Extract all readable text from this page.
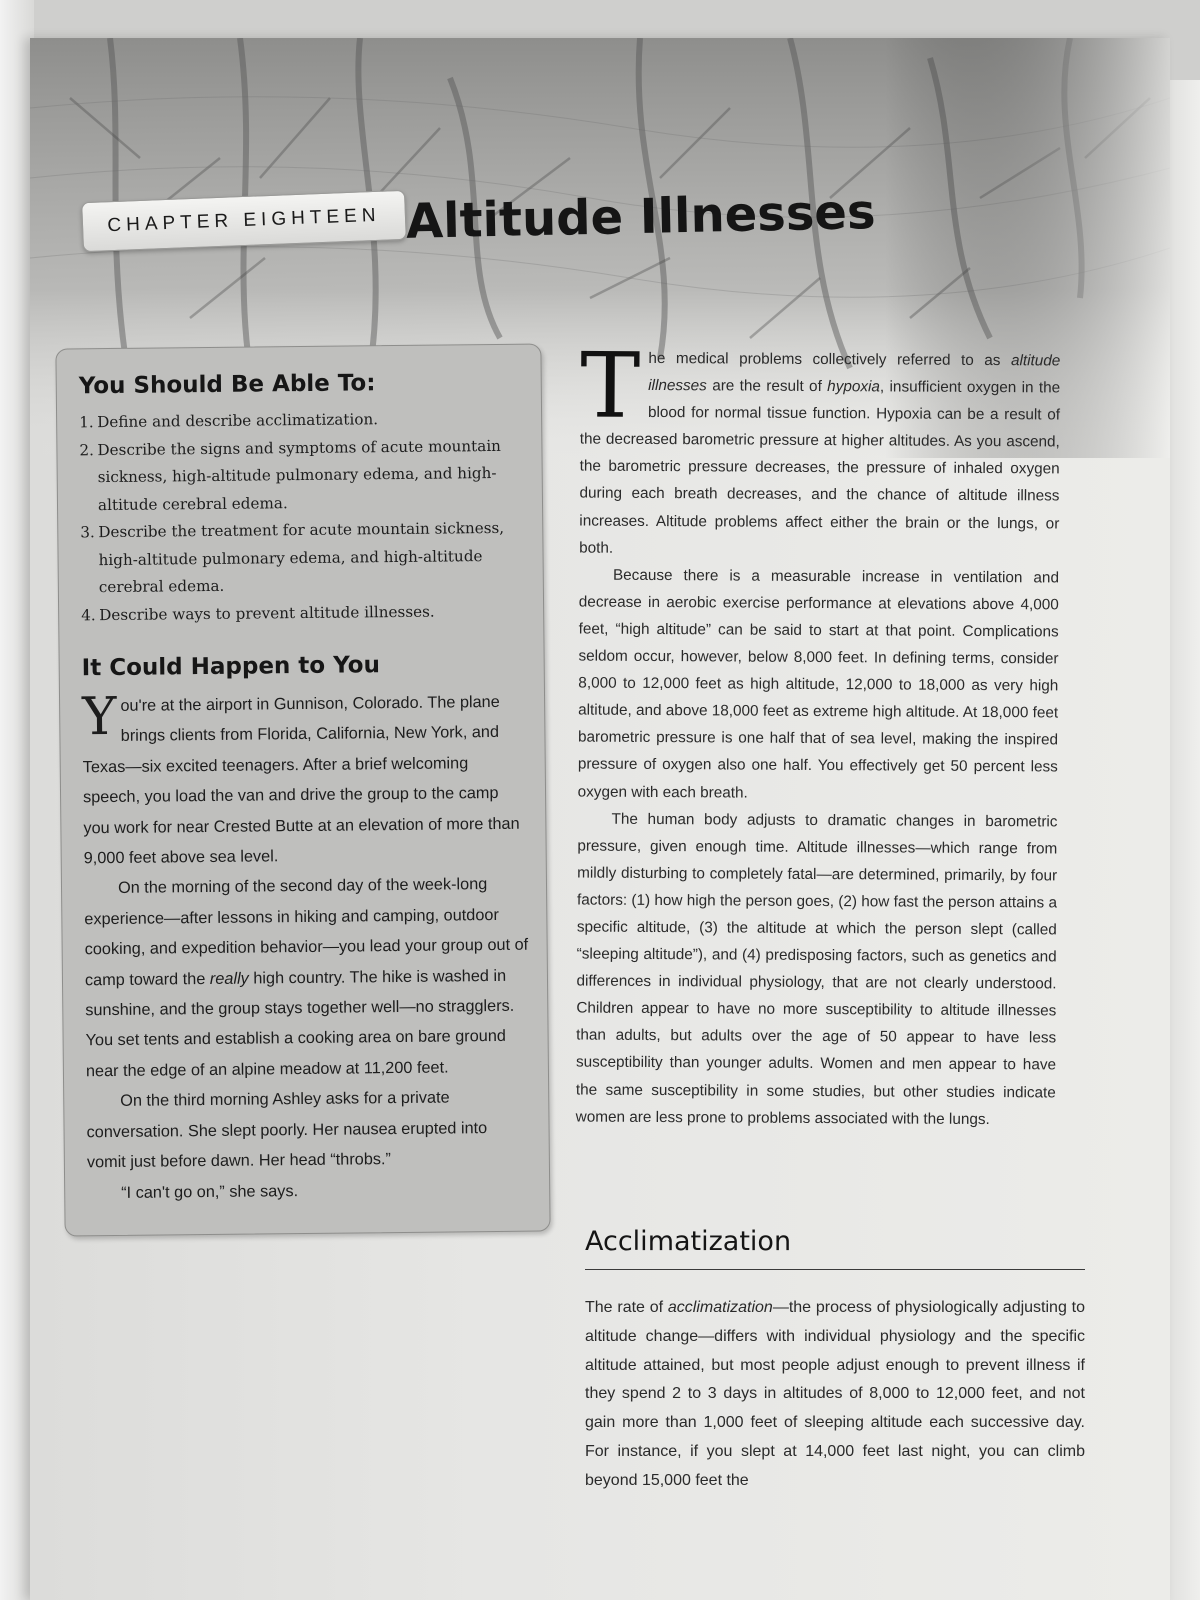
CHAPTER EIGHTEEN Altitude Illnesses
You Should Be Able To:
1. Define and describe acclimatization.
2. Describe the signs and symptoms of acute mountain sickness, high-altitude pulmonary edema, and high-altitude cerebral edema.
3. Describe the treatment for acute mountain sickness, high-altitude pulmonary edema, and high-altitude cerebral edema.
4. Describe ways to prevent altitude illnesses.
It Could Happen to You

You're at the airport in Gunnison, Colorado. The plane brings clients from Florida, California, New York, and Texas—six excited teenagers. After a brief welcoming speech, you load the van and drive the group to the camp you work for near Crested Butte at an elevation of more than 9,000 feet above sea level.

On the morning of the second day of the week-long experience—after lessons in hiking and camping, outdoor cooking, and expedition behavior—you lead your group out of camp toward the really high country. The hike is washed in sunshine, and the group stays together well—no stragglers. You set tents and establish a cooking area on bare ground near the edge of an alpine meadow at 11,200 feet.

On the third morning Ashley asks for a private conversation. She slept poorly. Her nausea erupted into vomit just before dawn. Her head “throbs.”

“I can't go on,” she says.

The medical problems collectively referred to as altitude illnesses are the result of hypoxia, insufficient oxygen in the blood for normal tissue function. Hypoxia can be a result of the decreased barometric pressure at higher altitudes. As you ascend, the barometric pressure decreases, the pressure of inhaled oxygen during each breath decreases, and the chance of altitude illness increases. Altitude problems affect either the brain or the lungs, or both.

Because there is a measurable increase in ventilation and decrease in aerobic exercise performance at elevations above 4,000 feet, “high altitude” can be said to start at that point. Complications seldom occur, however, below 8,000 feet. In defining terms, consider 8,000 to 12,000 feet as high altitude, 12,000 to 18,000 as very high altitude, and above 18,000 feet as extreme high altitude. At 18,000 feet barometric pressure is one half that of sea level, making the inspired pressure of oxygen also one half. You effectively get 50 percent less oxygen with each breath.

The human body adjusts to dramatic changes in barometric pressure, given enough time. Altitude illnesses—which range from mildly disturbing to completely fatal—are determined, primarily, by four factors: (1) how high the person goes, (2) how fast the person attains a specific altitude, (3) the altitude at which the person slept (called “sleeping altitude”), and (4) predisposing factors, such as genetics and differences in individual physiology, that are not clearly understood. Children appear to have no more susceptibility to altitude illnesses than adults, but adults over the age of 50 appear to have less susceptibility than younger adults. Women and men appear to have the same susceptibility in some studies, but other studies indicate women are less prone to problems associated with the lungs.

Acclimatization

The rate of acclimatization—the process of physiologically adjusting to altitude change—differs with individual physiology and the specific altitude attained, but most people adjust enough to prevent illness if they spend 2 to 3 days in altitudes of 8,000 to 12,000 feet, and not gain more than 1,000 feet of sleeping altitude each successive day. For instance, if you slept at 14,000 feet last night, you can climb beyond 15,000 feet the
